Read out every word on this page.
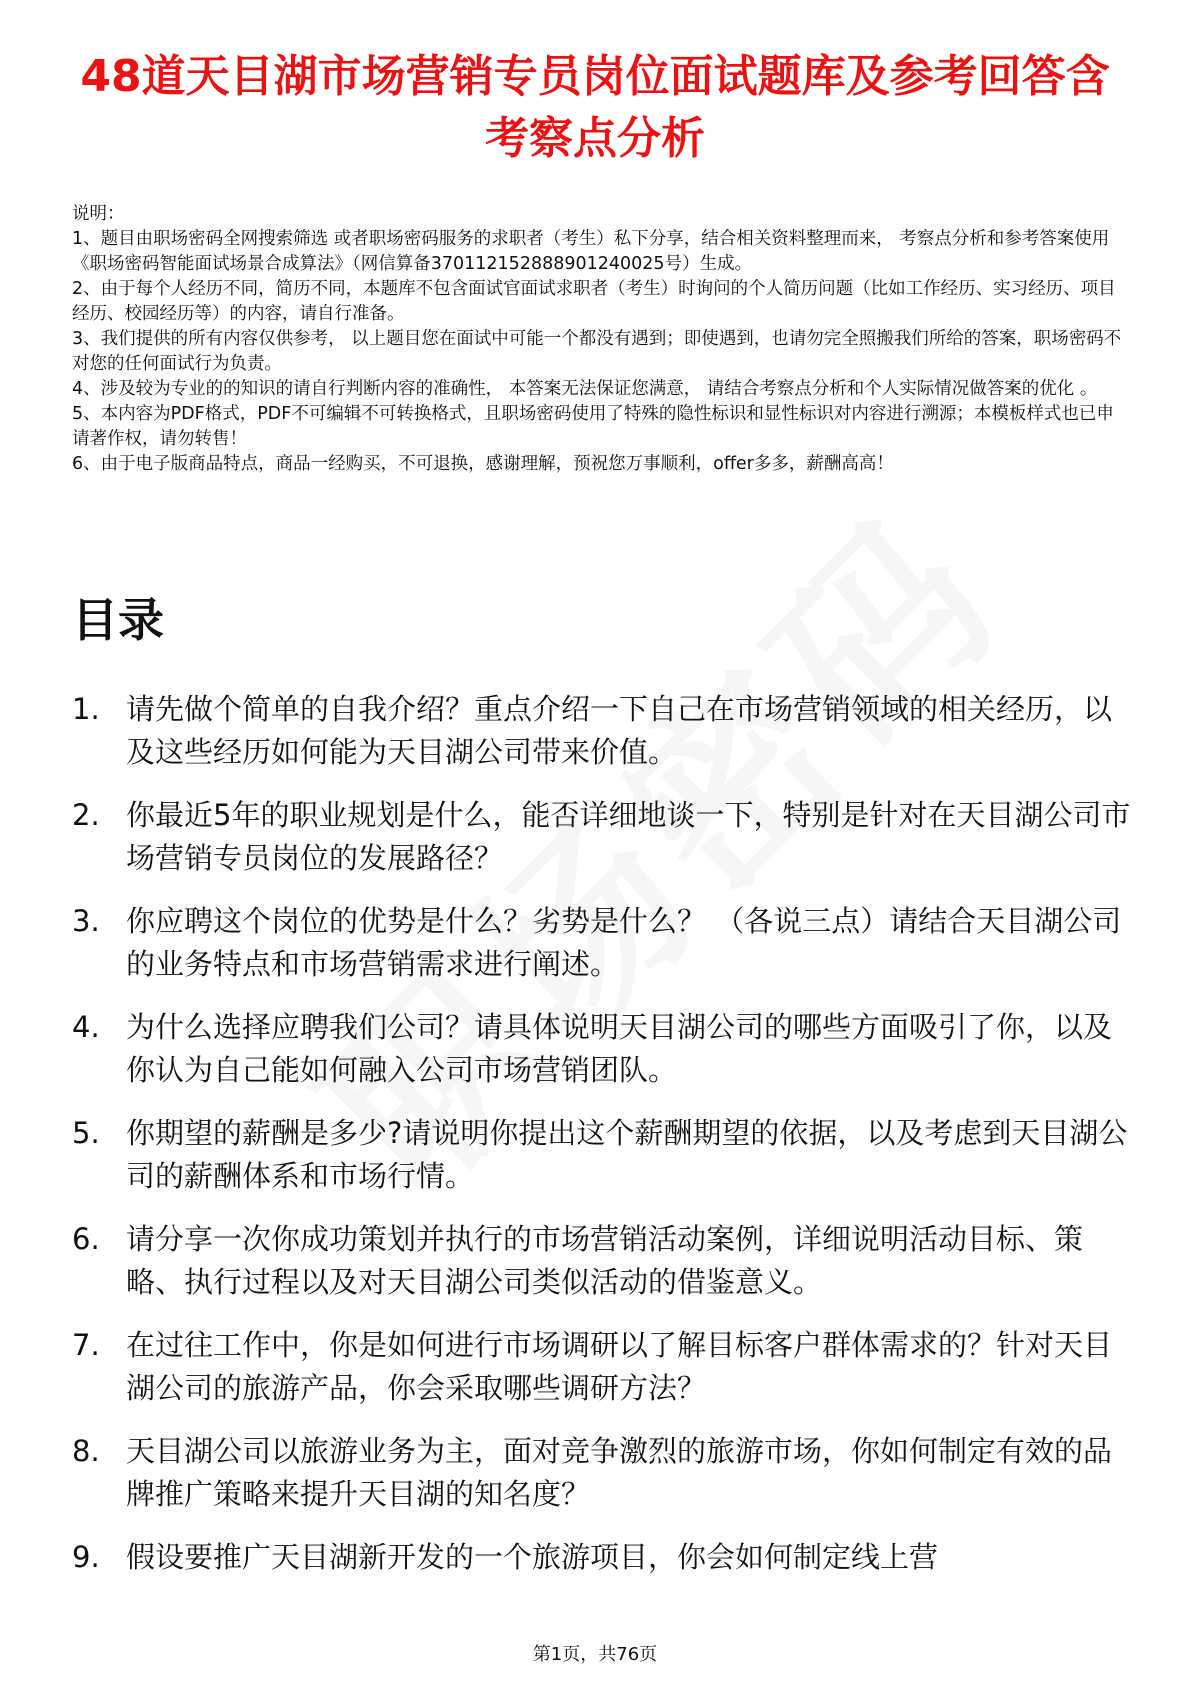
48道天目湖市场营销专员岗位面试题库及参考回答含考察点分析

说明：

1、题目由职场密码全网搜索筛选 或者职场密码服务的求职者（考生）私下分享，结合相关资料整理而来， 考察点分析和参考答案使用《职场密码智能面试场景合成算法》（网信算备370112152888901240025号）生成。

2、由于每个人经历不同，简历不同，本题库不包含面试官面试求职者（考生）时询问的个人简历问题（比如工作经历、实习经历、项目经历、校园经历等）的内容，请自行准备。

3、我们提供的所有内容仅供参考， 以上题目您在面试中可能一个都没有遇到；即使遇到，也请勿完全照搬我们所给的答案，职场密码不对您的任何面试行为负责。

4、涉及较为专业的的知识的请自行判断内容的准确性， 本答案无法保证您满意， 请结合考察点分析和个人实际情况做答案的优化 。

5、本内容为PDF格式，PDF不可编辑不可转换格式，且职场密码使用了特殊的隐性标识和显性标识对内容进行溯源；本模板样式也已申请著作权，请勿转售！

6、由于电子版商品特点，商品一经购买，不可退换，感谢理解，预祝您万事顺利，offer多多，薪酬高高！

目录
1. 请先做个简单的自我介绍？重点介绍一下自己在市场营销领域的相关经历，以及这些经历如何能为天目湖公司带来价值。
2. 你最近5年的职业规划是什么，能否详细地谈一下，特别是针对在天目湖公司市场营销专员岗位的发展路径？
3. 你应聘这个岗位的优势是什么？劣势是什么？ （各说三点）请结合天目湖公司的业务特点和市场营销需求进行阐述。
4. 为什么选择应聘我们公司？请具体说明天目湖公司的哪些方面吸引了你，以及你认为自己能如何融入公司市场营销团队。
5. 你期望的薪酬是多少?请说明你提出这个薪酬期望的依据，以及考虑到天目湖公司的薪酬体系和市场行情。
6. 请分享一次你成功策划并执行的市场营销活动案例，详细说明活动目标、策略、执行过程以及对天目湖公司类似活动的借鉴意义。
7. 在过往工作中，你是如何进行市场调研以了解目标客户群体需求的？针对天目湖公司的旅游产品，你会采取哪些调研方法？
8. 天目湖公司以旅游业务为主，面对竞争激烈的旅游市场，你如何制定有效的品牌推广策略来提升天目湖的知名度？
9. 假设要推广天目湖新开发的一个旅游项目，你会如何制定线上营
第1页，共76页
